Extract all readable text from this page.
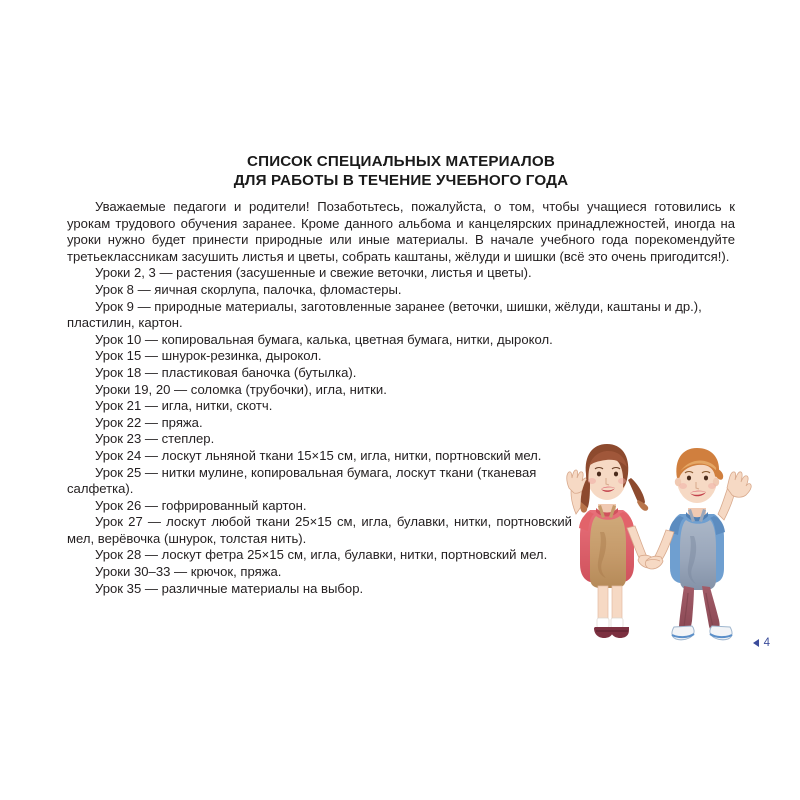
СПИСОК СПЕЦИАЛЬНЫХ МАТЕРИАЛОВ
ДЛЯ РАБОТЫ В ТЕЧЕНИЕ УЧЕБНОГО ГОДА

Уважаемые педагоги и родители! Позаботьтесь, пожалуйста, о том, чтобы учащиеся готовились к урокам трудового обучения заранее. Кроме данного альбома и канцелярских принадлежностей, иногда на уроки нужно будет принести природные или иные материалы. В начале учебного года порекомендуйте третьеклассникам засушить листья и цветы, собрать каштаны, жёлуди и шишки (всё это очень пригодится!).

Уроки 2, 3 — растения (засушенные и свежие веточки, листья и цветы).
Урок 8 — яичная скорлупа, палочка, фломастеры.
Урок 9 — природные материалы, заготовленные заранее (веточки, шишки, жёлуди, каштаны и др.), пластилин, картон.
Урок 10 — копировальная бумага, калька, цветная бумага, нитки, дырокол.
Урок 15 — шнурок-резинка, дырокол.
Урок 18 — пластиковая баночка (бутылка).
Уроки 19, 20 — соломка (трубочки), игла, нитки.
Урок 21 — игла, нитки, скотч.
Урок 22 — пряжа.
Урок 23 — степлер.
Урок 24 — лоскут льняной ткани 15×15 см, игла, нитки, портновский мел.
Урок 25 — нитки мулине, копировальная бумага, лоскут ткани (тканевая салфетка).
Урок 26 — гофрированный картон.
Урок 27 — лоскут любой ткани 25×15 см, игла, булавки, нитки, портновский мел, верёвочка (шнурок, толстая нить).
Урок 28 — лоскут фетра 25×15 см, игла, булавки, нитки, портновский мел.
Уроки 30–33 — крючок, пряжа.
Урок 35 — различные материалы на выбор.
4
